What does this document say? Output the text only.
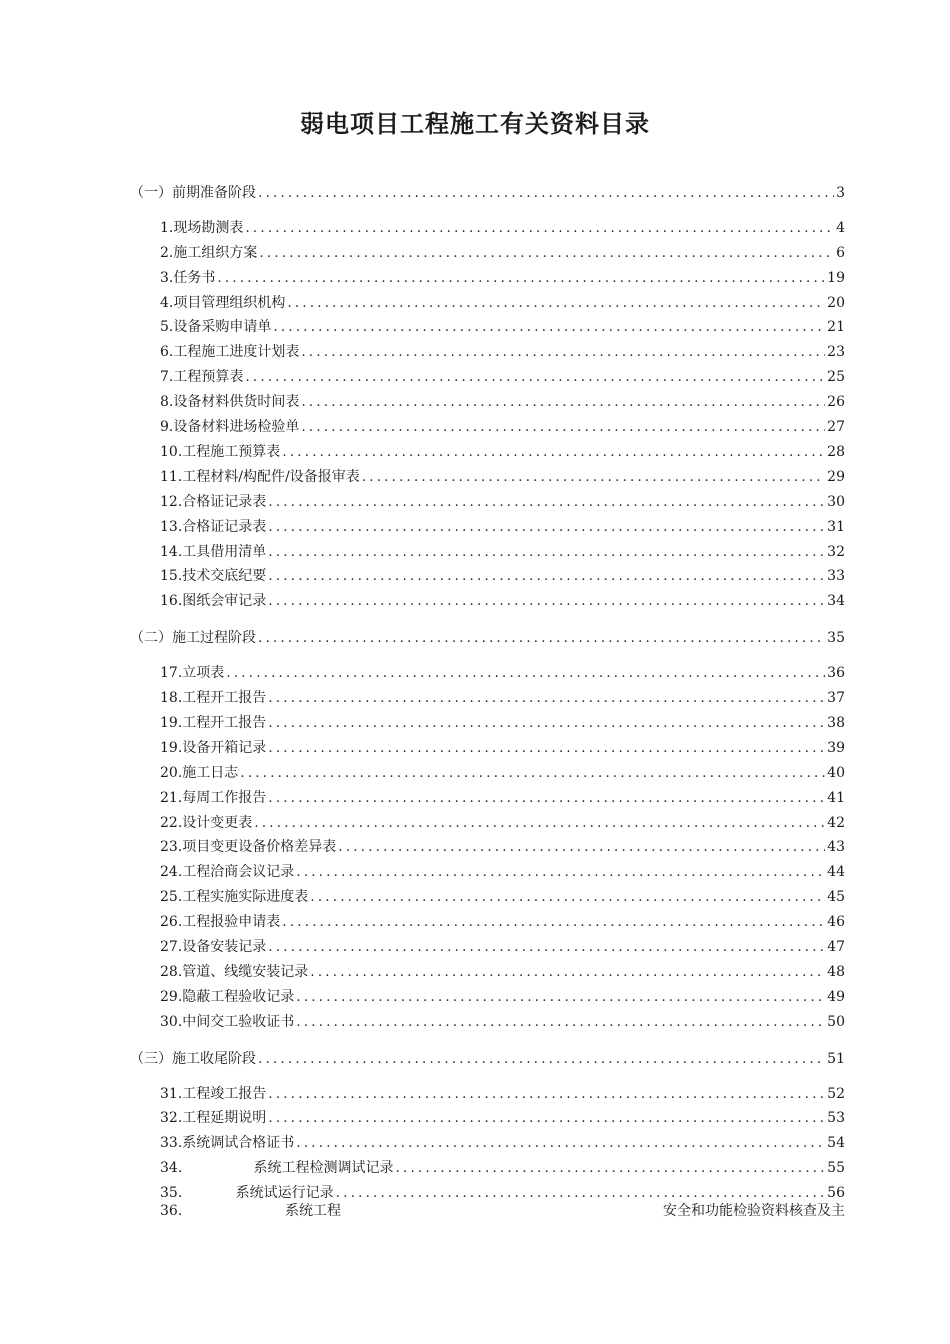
弱电项目工程施工有关资料目录
（一）前期准备阶段 .....	3
1.现场勘测表 .....	4
2.施工组织方案 .....	6
3.任务书 .....	19
4.项目管理组织机构 .....	20
5.设备采购申请单 .....	21
6.工程施工进度计划表 .....	23
7.工程预算表 .....	25
8.设备材料供货时间表 .....	26
9.设备材料进场检验单 .....	27
10.工程施工预算表 .....	28
11.工程材料/构配件/设备报审表 .....	29
12.合格证记录表 .....	30
13.合格证记录表 .....	31
14.工具借用清单 .....	32
15.技术交底纪要 .....	33
16.图纸会审记录 .....	34
（二）施工过程阶段 .....	35
17.立项表 .....	36
18.工程开工报告 .....	37
19.工程开工报告 .....	38
19.设备开箱记录 .....	39
20.施工日志 .....	40
21.每周工作报告 .....	41
22.设计变更表 .....	42
23.项目变更设备价格差异表 .....	43
24.工程洽商会议记录 .....	44
25.工程实施实际进度表 .....	45
26.工程报验申请表 .....	46
27.设备安装记录 .....	47
28.管道、线缆安装记录 .....	48
29.隐蔽工程验收记录 .....	49
30.中间交工验收证书 .....	50
（三）施工收尾阶段 .....	51
31.工程竣工报告 .....	52
32.工程延期说明 .....	53
33.系统调试合格证书 .....	54
34.                系统工程检测调试记录 .....	55
35.            系统试运行记录 .....	56
36.	系统工程	安全和功能检验资料核查及主
